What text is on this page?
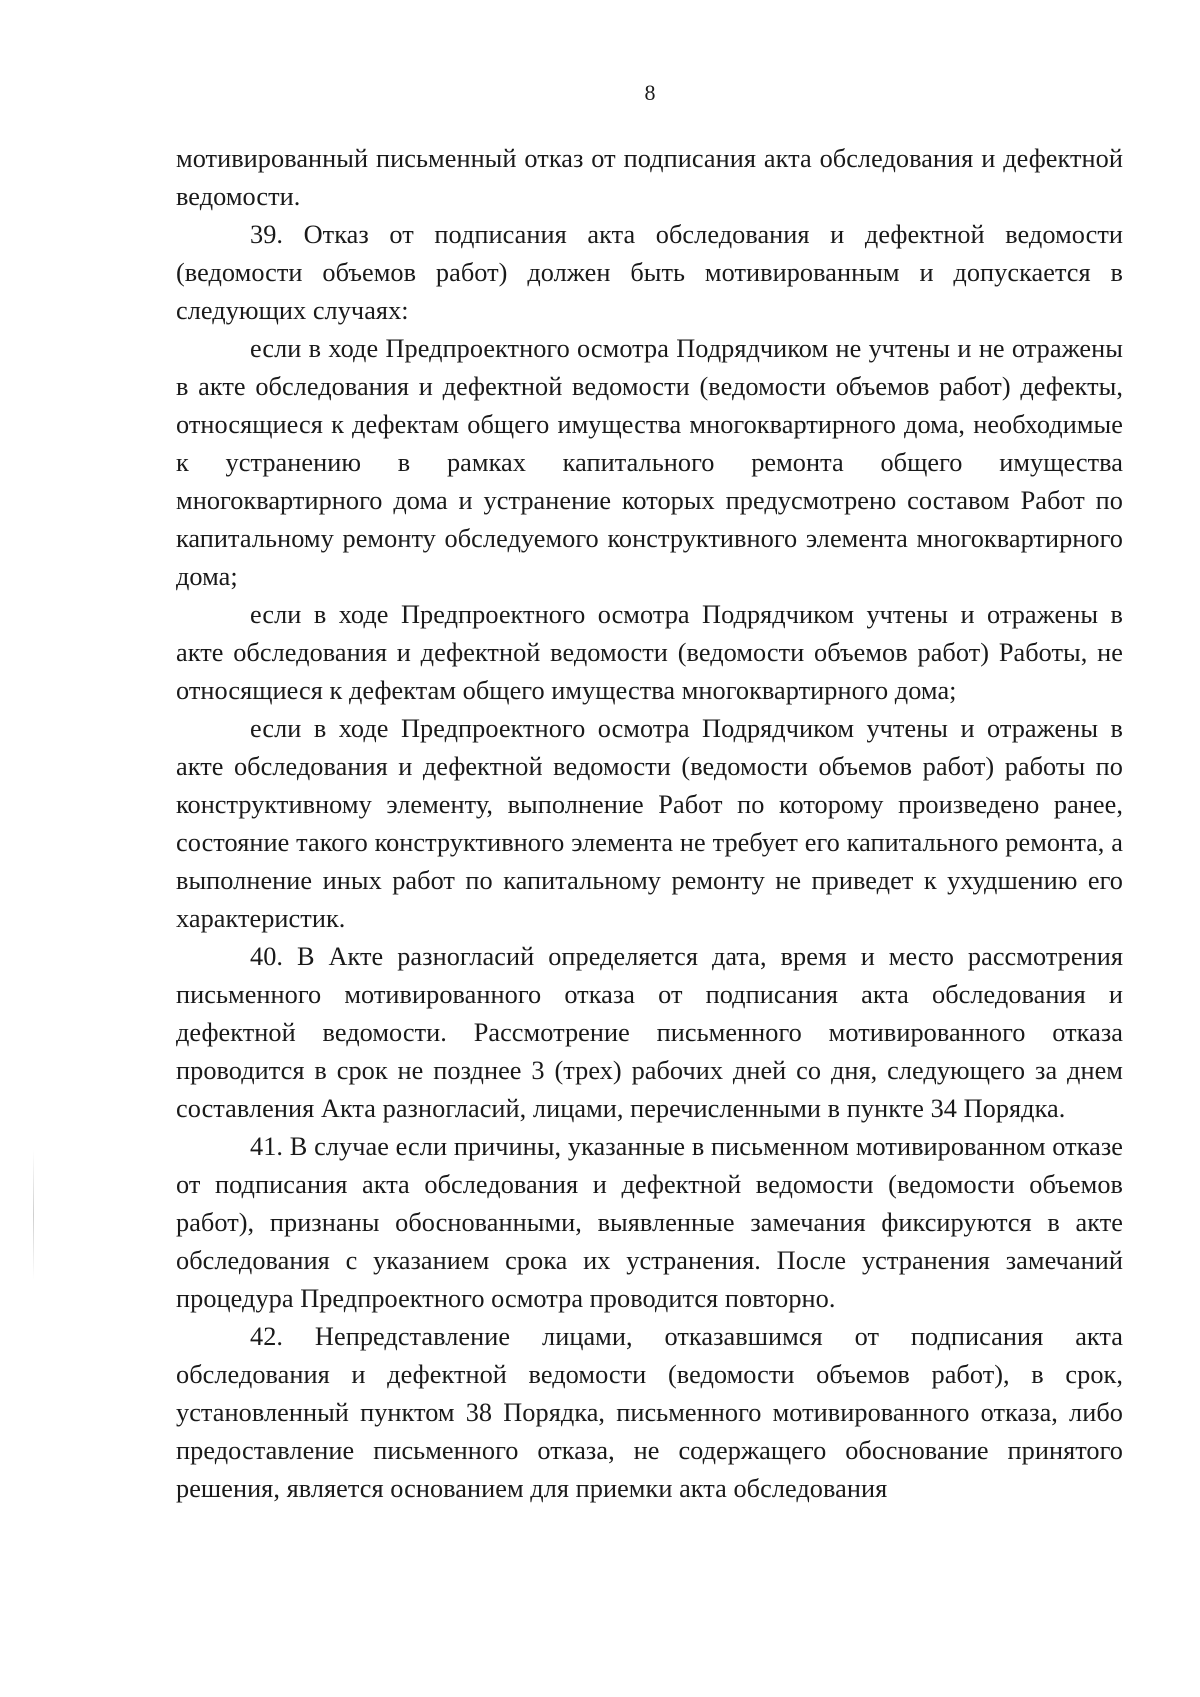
8

мотивированный письменный отказ от подписания акта обследования и дефектной ведомости.

39. Отказ от подписания акта обследования и дефектной ведомости (ведомости объемов работ) должен быть мотивированным и допускается в следующих случаях:

если в ходе Предпроектного осмотра Подрядчиком не учтены и не отражены в акте обследования и дефектной ведомости (ведомости объемов работ) дефекты, относящиеся к дефектам общего имущества многоквартирного дома, необходимые к устранению в рамках капитального ремонта общего имущества многоквартирного дома и устранение которых предусмотрено составом Работ по капитальному ремонту обследуемого конструктивного элемента многоквартирного дома;

если в ходе Предпроектного осмотра Подрядчиком учтены и отражены в акте обследования и дефектной ведомости (ведомости объемов работ) Работы, не относящиеся к дефектам общего имущества многоквартирного дома;

если в ходе Предпроектного осмотра Подрядчиком учтены и отражены в акте обследования и дефектной ведомости (ведомости объемов работ) работы по конструктивному элементу, выполнение Работ по которому произведено ранее, состояние такого конструктивного элемента не требует его капитального ремонта, а выполнение иных работ по капитальному ремонту не приведет к ухудшению его характеристик.

40. В Акте разногласий определяется дата, время и место рассмотрения письменного мотивированного отказа от подписания акта обследования и дефектной ведомости. Рассмотрение письменного мотивированного отказа проводится в срок не позднее 3 (трех) рабочих дней со дня, следующего за днем составления Акта разногласий, лицами, перечисленными в пункте 34 Порядка.

41. В случае если причины, указанные в письменном мотивированном отказе от подписания акта обследования и дефектной ведомости (ведомости объемов работ), признаны обоснованными, выявленные замечания фиксируются в акте обследования с указанием срока их устранения. После устранения замечаний процедура Предпроектного осмотра проводится повторно.

42. Непредставление лицами, отказавшимся от подписания акта обследования и дефектной ведомости (ведомости объемов работ), в срок, установленный пунктом 38 Порядка, письменного мотивированного отказа, либо предоставление письменного отказа, не содержащего обоснование принятого решения, является основанием для приемки акта обследования
